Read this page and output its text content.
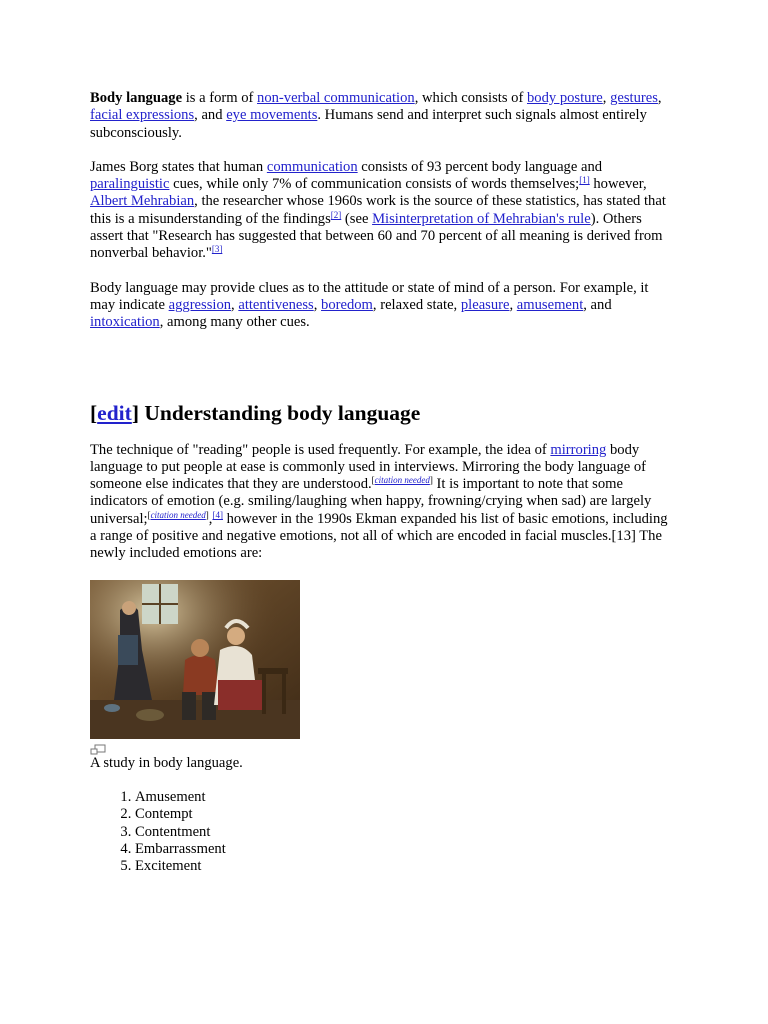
Body language is a form of non-verbal communication, which consists of body posture, gestures, facial expressions, and eye movements. Humans send and interpret such signals almost entirely subconsciously.

James Borg states that human communication consists of 93 percent body language and paralinguistic cues, while only 7% of communication consists of words themselves;[1] however, Albert Mehrabian, the researcher whose 1960s work is the source of these statistics, has stated that this is a misunderstanding of the findings[2] (see Misinterpretation of Mehrabian's rule). Others assert that "Research has suggested that between 60 and 70 percent of all meaning is derived from nonverbal behavior."[3]

Body language may provide clues as to the attitude or state of mind of a person. For example, it may indicate aggression, attentiveness, boredom, relaxed state, pleasure, amusement, and intoxication, among many other cues.

[edit] Understanding body language

The technique of "reading" people is used frequently. For example, the idea of mirroring body language to put people at ease is commonly used in interviews. Mirroring the body language of someone else indicates that they are understood.[citation needed] It is important to note that some indicators of emotion (e.g. smiling/laughing when happy, frowning/crying when sad) are largely universal;[citation needed],[4] however in the 1990s Ekman expanded his list of basic emotions, including a range of positive and negative emotions, not all of which are encoded in facial muscles.[13] The newly included emotions are:

A study in body language.
1. Amusement
2. Contempt
3. Contentment
4. Embarrassment
5. Excitement
